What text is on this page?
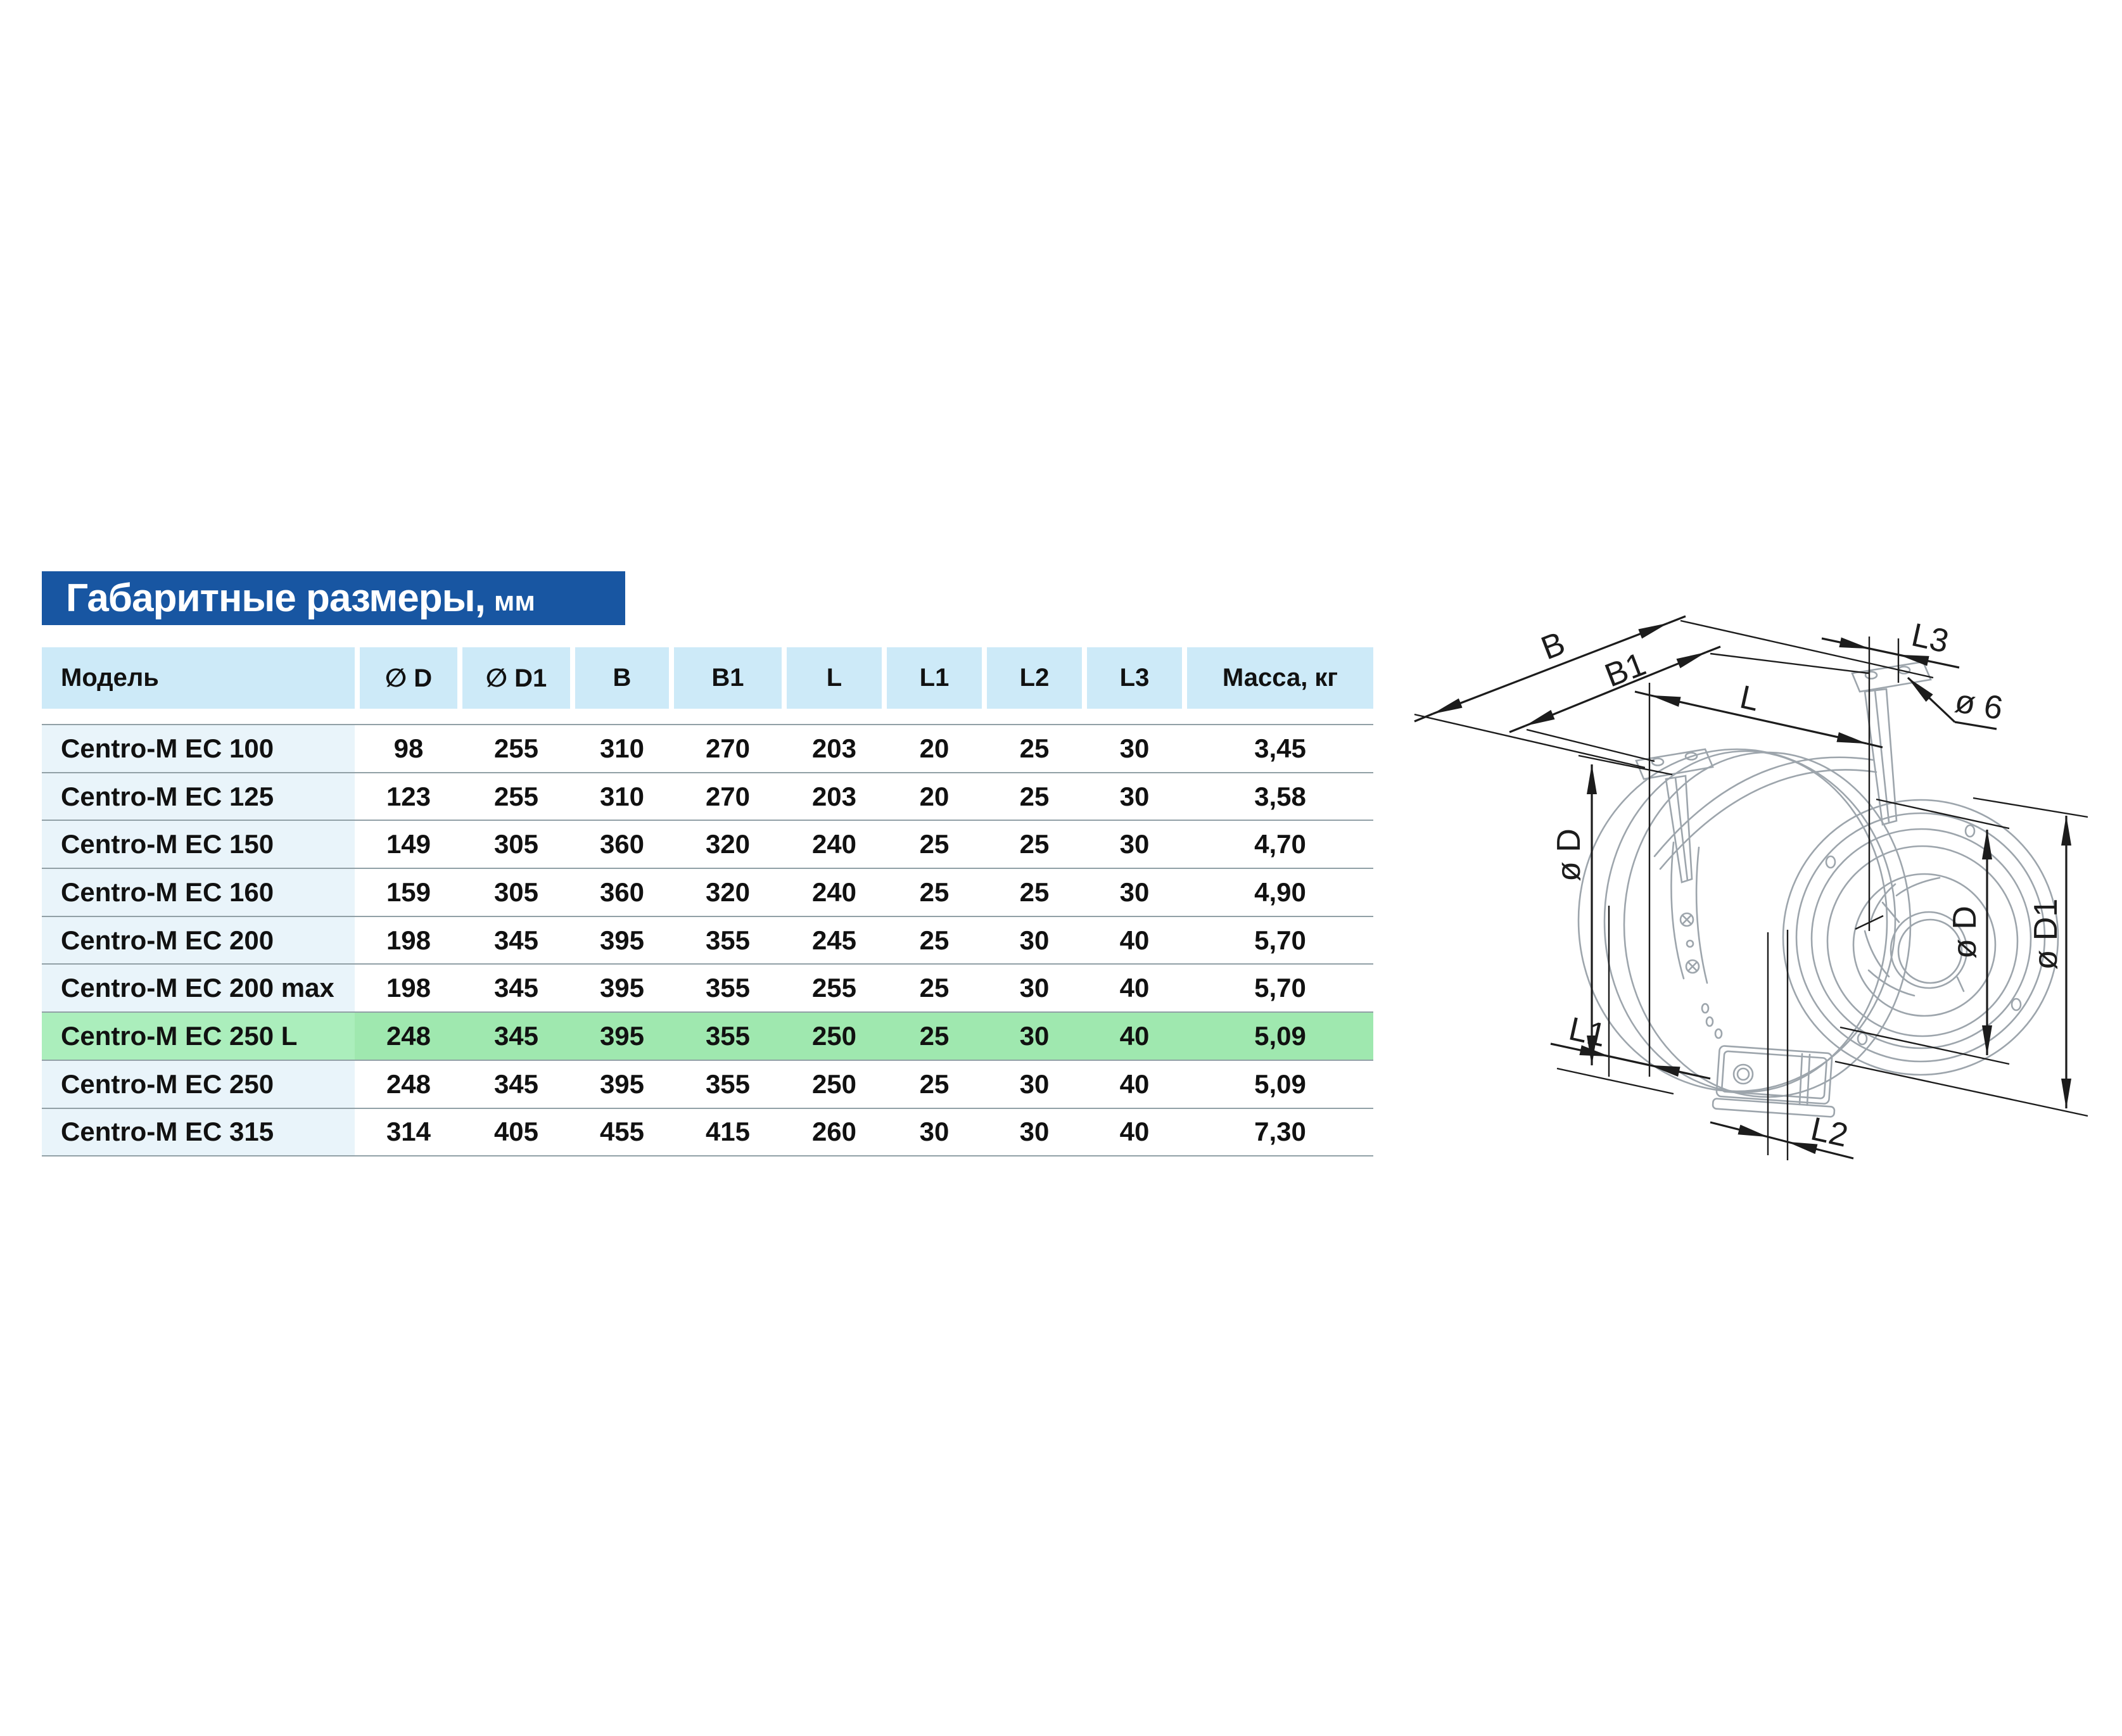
Габаритные размеры, мм
Модель	∅ D	∅ D1	B	B1	L	L1	L2	L3	Масса, кг
Centro-M EC 100	98	255	310	270	203	20	25	30	3,45
Centro-M EC 125	123	255	310	270	203	20	25	30	3,58
Centro-M EC 150	149	305	360	320	240	25	25	30	4,70
Centro-M EC 160	159	305	360	320	240	25	25	30	4,90
Centro-M EC 200	198	345	395	355	245	25	30	40	5,70
Centro-M EC 200 max	198	345	395	355	255	25	30	40	5,70
Centro-M EC 250 L	248	345	395	355	250	25	30	40	5,09
Centro-M EC 250	248	345	395	355	250	25	30	40	5,09
Centro-M EC 315	314	405	455	415	260	30	30	40	7,30
B B1
L
L3
ø 6
ø D
L1
L2
ø D ø D1
